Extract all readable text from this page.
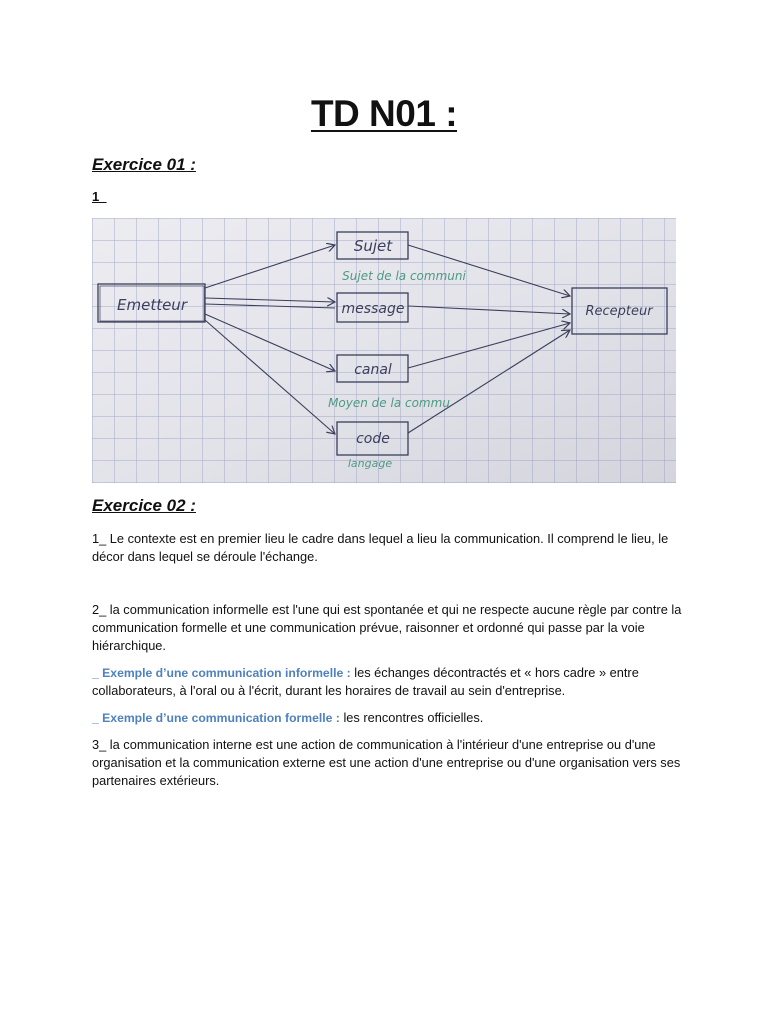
TD N01 :
Exercice 01 :
1_
Emetteur
Sujet
message
canal
code
Recepteur
Sujet de la communi
Moyen de la commu
langage
Exercice 02 :

1_ Le contexte est en premier lieu le cadre dans lequel a lieu la communication. Il comprend le lieu, le décor dans lequel se déroule l'échange.

2_ la communication informelle est l'une qui est spontanée et qui ne respecte aucune règle par contre la communication formelle et une communication prévue, raisonner et ordonné qui passe par la voie hiérarchique.

_ Exemple d’une communication informelle : les échanges décontractés et « hors cadre » entre collaborateurs, à l'oral ou à l'écrit, durant les horaires de travail au sein d'entreprise.

_ Exemple d’une communication formelle : les rencontres officielles.

3_ la communication interne est une action de communication à l'intérieur d'une entreprise ou d'une organisation et la communication externe est une action d'une entreprise ou d'une organisation vers ses partenaires extérieurs.
